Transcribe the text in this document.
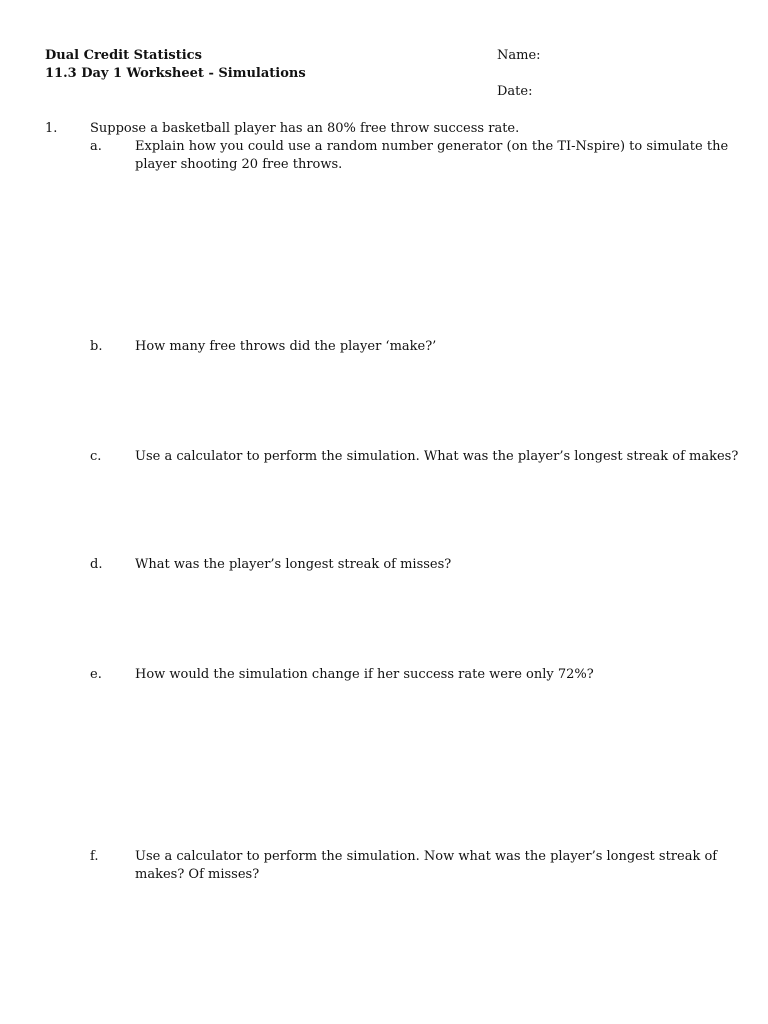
Dual Credit Statistics
11.3 Day 1 Worksheet - Simulations
Name:
Date:
1.	Suppose a basketball player has an 80% free throw success rate.
a.	Explain how you could use a random number generator (on the TI-Nspire) to simulate the
player shooting 20 free throws.
b.	How many free throws did the player ‘make?’
c.	Use a calculator to perform the simulation. What was the player’s longest streak of makes?
d.	What was the player’s longest streak of misses?
e.	How would the simulation change if her success rate were only 72%?
f.	Use a calculator to perform the simulation. Now what was the player’s longest streak of
makes? Of misses?
